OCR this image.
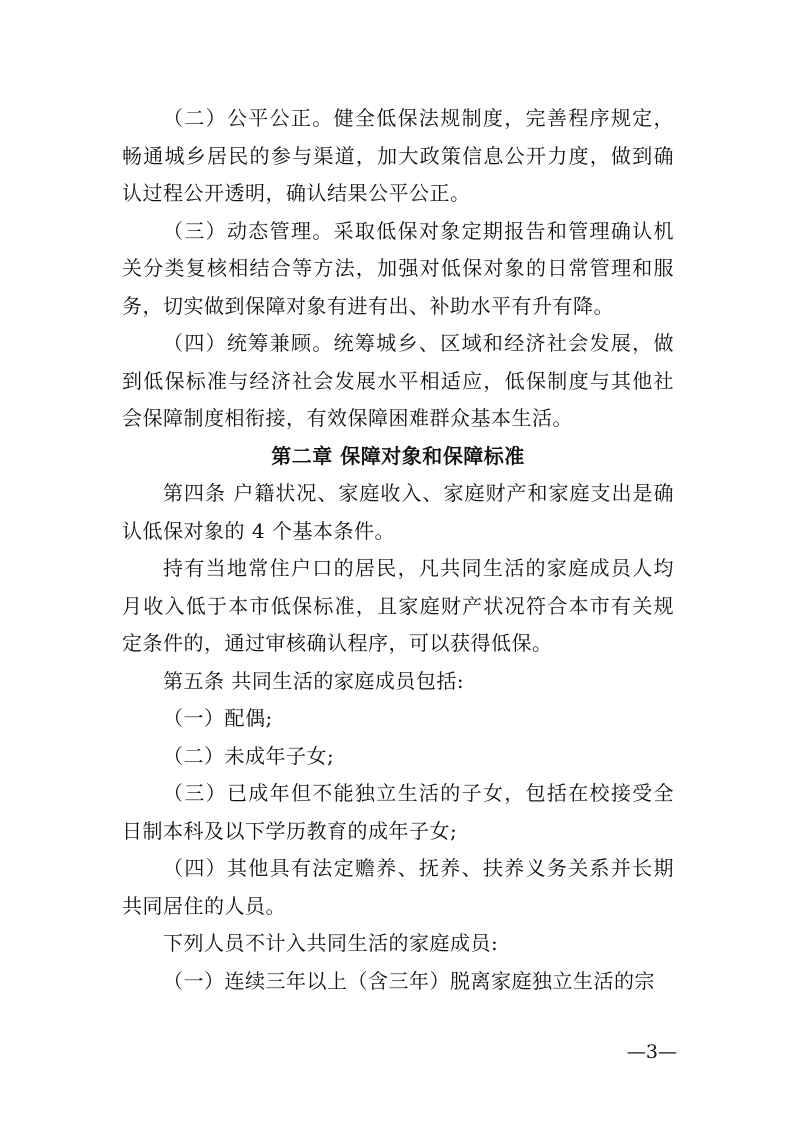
（二）公平公正。健全低保法规制度，完善程序规定，畅通城乡居民的参与渠道，加大政策信息公开力度，做到确认过程公开透明，确认结果公平公正。

（三）动态管理。采取低保对象定期报告和管理确认机关分类复核相结合等方法，加强对低保对象的日常管理和服务，切实做到保障对象有进有出、补助水平有升有降。

（四）统筹兼顾。统筹城乡、区域和经济社会发展，做到低保标准与经济社会发展水平相适应，低保制度与其他社会保障制度相衔接，有效保障困难群众基本生活。

第二章 保障对象和保障标准

第四条 户籍状况、家庭收入、家庭财产和家庭支出是确认低保对象的 4 个基本条件。

持有当地常住户口的居民，凡共同生活的家庭成员人均月收入低于本市低保标准，且家庭财产状况符合本市有关规定条件的，通过审核确认程序，可以获得低保。

第五条 共同生活的家庭成员包括:

（一）配偶;

（二）未成年子女;

（三）已成年但不能独立生活的子女，包括在校接受全日制本科及以下学历教育的成年子女;

（四）其他具有法定赡养、抚养、扶养义务关系并长期共同居住的人员。

下列人员不计入共同生活的家庭成员:

（一）连续三年以上（含三年）脱离家庭独立生活的宗

—3—
